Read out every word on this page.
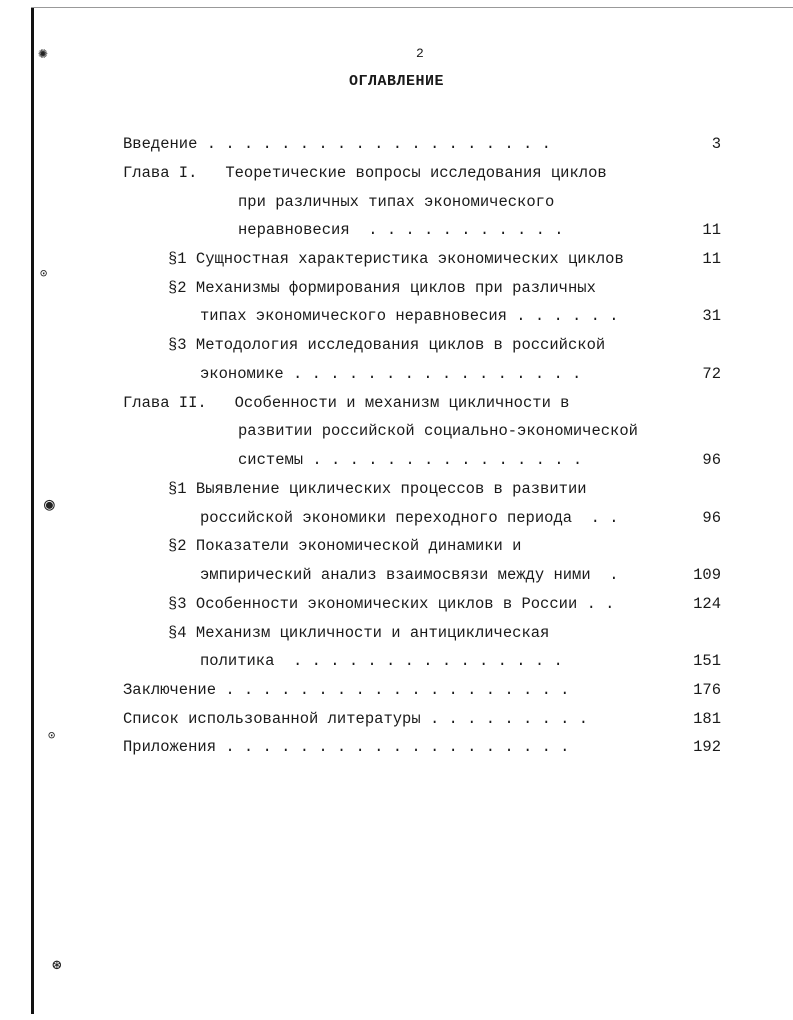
✺
⊙
◉
⊙
⊛
2
ОГЛАВЛЕНИЕ
Введение . . . . . . . . . . . . . . . . . . .	3
Глава I.   Теоретические вопросы исследования циклов
при различных типах экономического
неравновесия  . . . . . . . . . . .	11
§1 Сущностная характеристика экономических циклов	11
§2 Механизмы формирования циклов при различных
типах экономического неравновесия . . . . . .	31
§3 Методология исследования циклов в российской
экономике . . . . . . . . . . . . . . . .	72
Глава II.   Особенности и механизм цикличности в
развитии российской социально-экономической
системы . . . . . . . . . . . . . . .	96
§1 Выявление циклических процессов в развитии
российской экономики переходного периода  . .	96
§2 Показатели экономической динамики и
эмпирический анализ взаимосвязи между ними  .	109
§3 Особенности экономических циклов в России . .	124
§4 Механизм цикличности и антициклическая
политика  . . . . . . . . . . . . . . .	151
Заключение . . . . . . . . . . . . . . . . . . .	176
Список использованной литературы . . . . . . . . .	181
Приложения . . . . . . . . . . . . . . . . . . .	192
